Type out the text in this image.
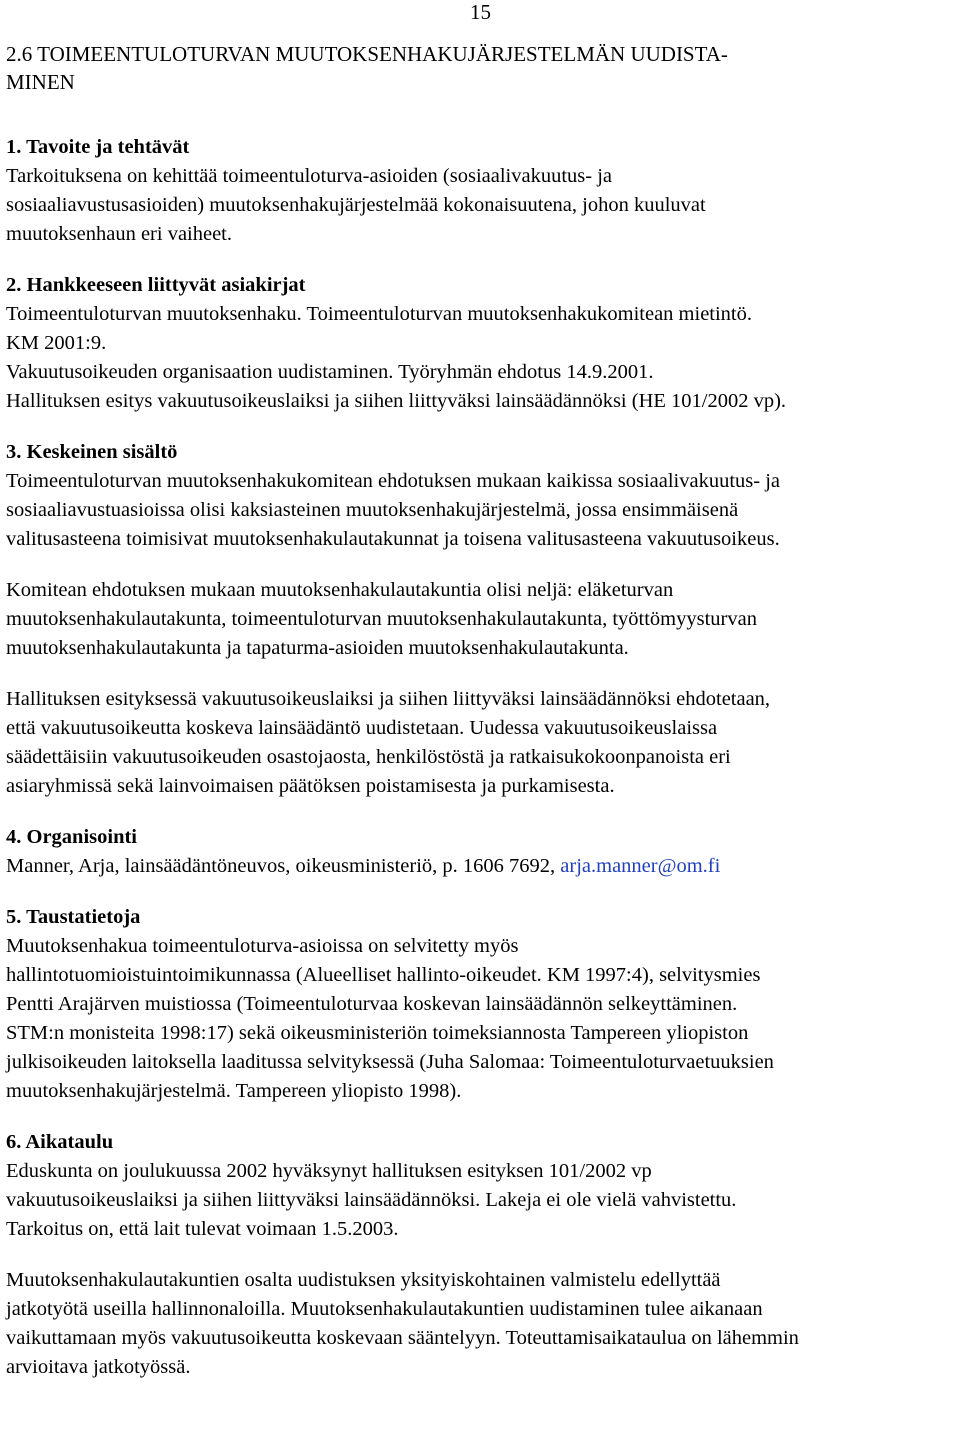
15
2.6 TOIMEENTULOTURVAN MUUTOKSENHAKUJÄRJESTELMÄN UUDISTA-
MINEN
1. Tavoite ja tehtävät
Tarkoituksena on kehittää toimeentuloturva-asioiden (sosiaalivakuutus- ja
sosiaaliavustusasioiden) muutoksenhakujärjestelmää kokonaisuutena, johon kuuluvat
muutoksenhaun eri vaiheet.
2. Hankkeeseen liittyvät asiakirjat
Toimeentuloturvan muutoksenhaku. Toimeentuloturvan muutoksenhakukomitean mietintö.
KM 2001:9.
Vakuutusoikeuden organisaation uudistaminen. Työryhmän ehdotus 14.9.2001.
Hallituksen esitys vakuutusoikeuslaiksi ja siihen liittyväksi lainsäädännöksi (HE 101/2002 vp).
3. Keskeinen sisältö
Toimeentuloturvan muutoksenhakukomitean ehdotuksen mukaan kaikissa sosiaalivakuutus- ja
sosiaaliavustuasioissa olisi kaksiasteinen muutoksenhakujärjestelmä, jossa ensimmäisenä
valitusasteena toimisivat muutoksenhakulautakunnat ja toisena valitusasteena vakuutusoikeus.
Komitean ehdotuksen mukaan muutoksenhakulautakuntia olisi neljä: eläketurvan
muutoksenhakulautakunta, toimeentuloturvan muutoksenhakulautakunta, työttömyysturvan
muutoksenhakulautakunta ja tapaturma-asioiden muutoksenhakulautakunta.
Hallituksen esityksessä vakuutusoikeuslaiksi ja siihen liittyväksi lainsäädännöksi ehdotetaan,
että vakuutusoikeutta koskeva lainsäädäntö uudistetaan. Uudessa vakuutusoikeuslaissa
säädettäisiin vakuutusoikeuden osastojaosta, henkilöstöstä ja ratkaisukokoonpanoista eri
asiaryhmissä sekä lainvoimaisen päätöksen poistamisesta ja purkamisesta.
4. Organisointi
Manner, Arja, lainsäädäntöneuvos, oikeusministeriö, p. 1606 7692, arja.manner@om.fi
5. Taustatietoja
Muutoksenhakua toimeentuloturva-asioissa on selvitetty myös
hallintotuomioistuintoimikunnassa (Alueelliset hallinto-oikeudet. KM 1997:4), selvitysmies
Pentti Arajärven muistiossa (Toimeentuloturvaa koskevan lainsäädännön selkeyttäminen.
STM:n monisteita 1998:17) sekä oikeusministeriön toimeksiannosta Tampereen yliopiston
julkisoikeuden laitoksella laaditussa selvityksessä (Juha Salomaa: Toimeentuloturvaetuuksien
muutoksenhakujärjestelmä. Tampereen yliopisto 1998).
6. Aikataulu
Eduskunta on joulukuussa 2002 hyväksynyt hallituksen esityksen 101/2002 vp
vakuutusoikeuslaiksi ja siihen liittyväksi lainsäädännöksi. Lakeja ei ole vielä vahvistettu.
Tarkoitus on, että lait tulevat voimaan 1.5.2003.
Muutoksenhakulautakuntien osalta uudistuksen yksityiskohtainen valmistelu edellyttää
jatkotyötä useilla hallinnonaloilla. Muutoksenhakulautakuntien uudistaminen tulee aikanaan
vaikuttamaan myös vakuutusoikeutta koskevaan sääntelyyn. Toteuttamisaikataulua on lähemmin
arvioitava jatkotyössä.
